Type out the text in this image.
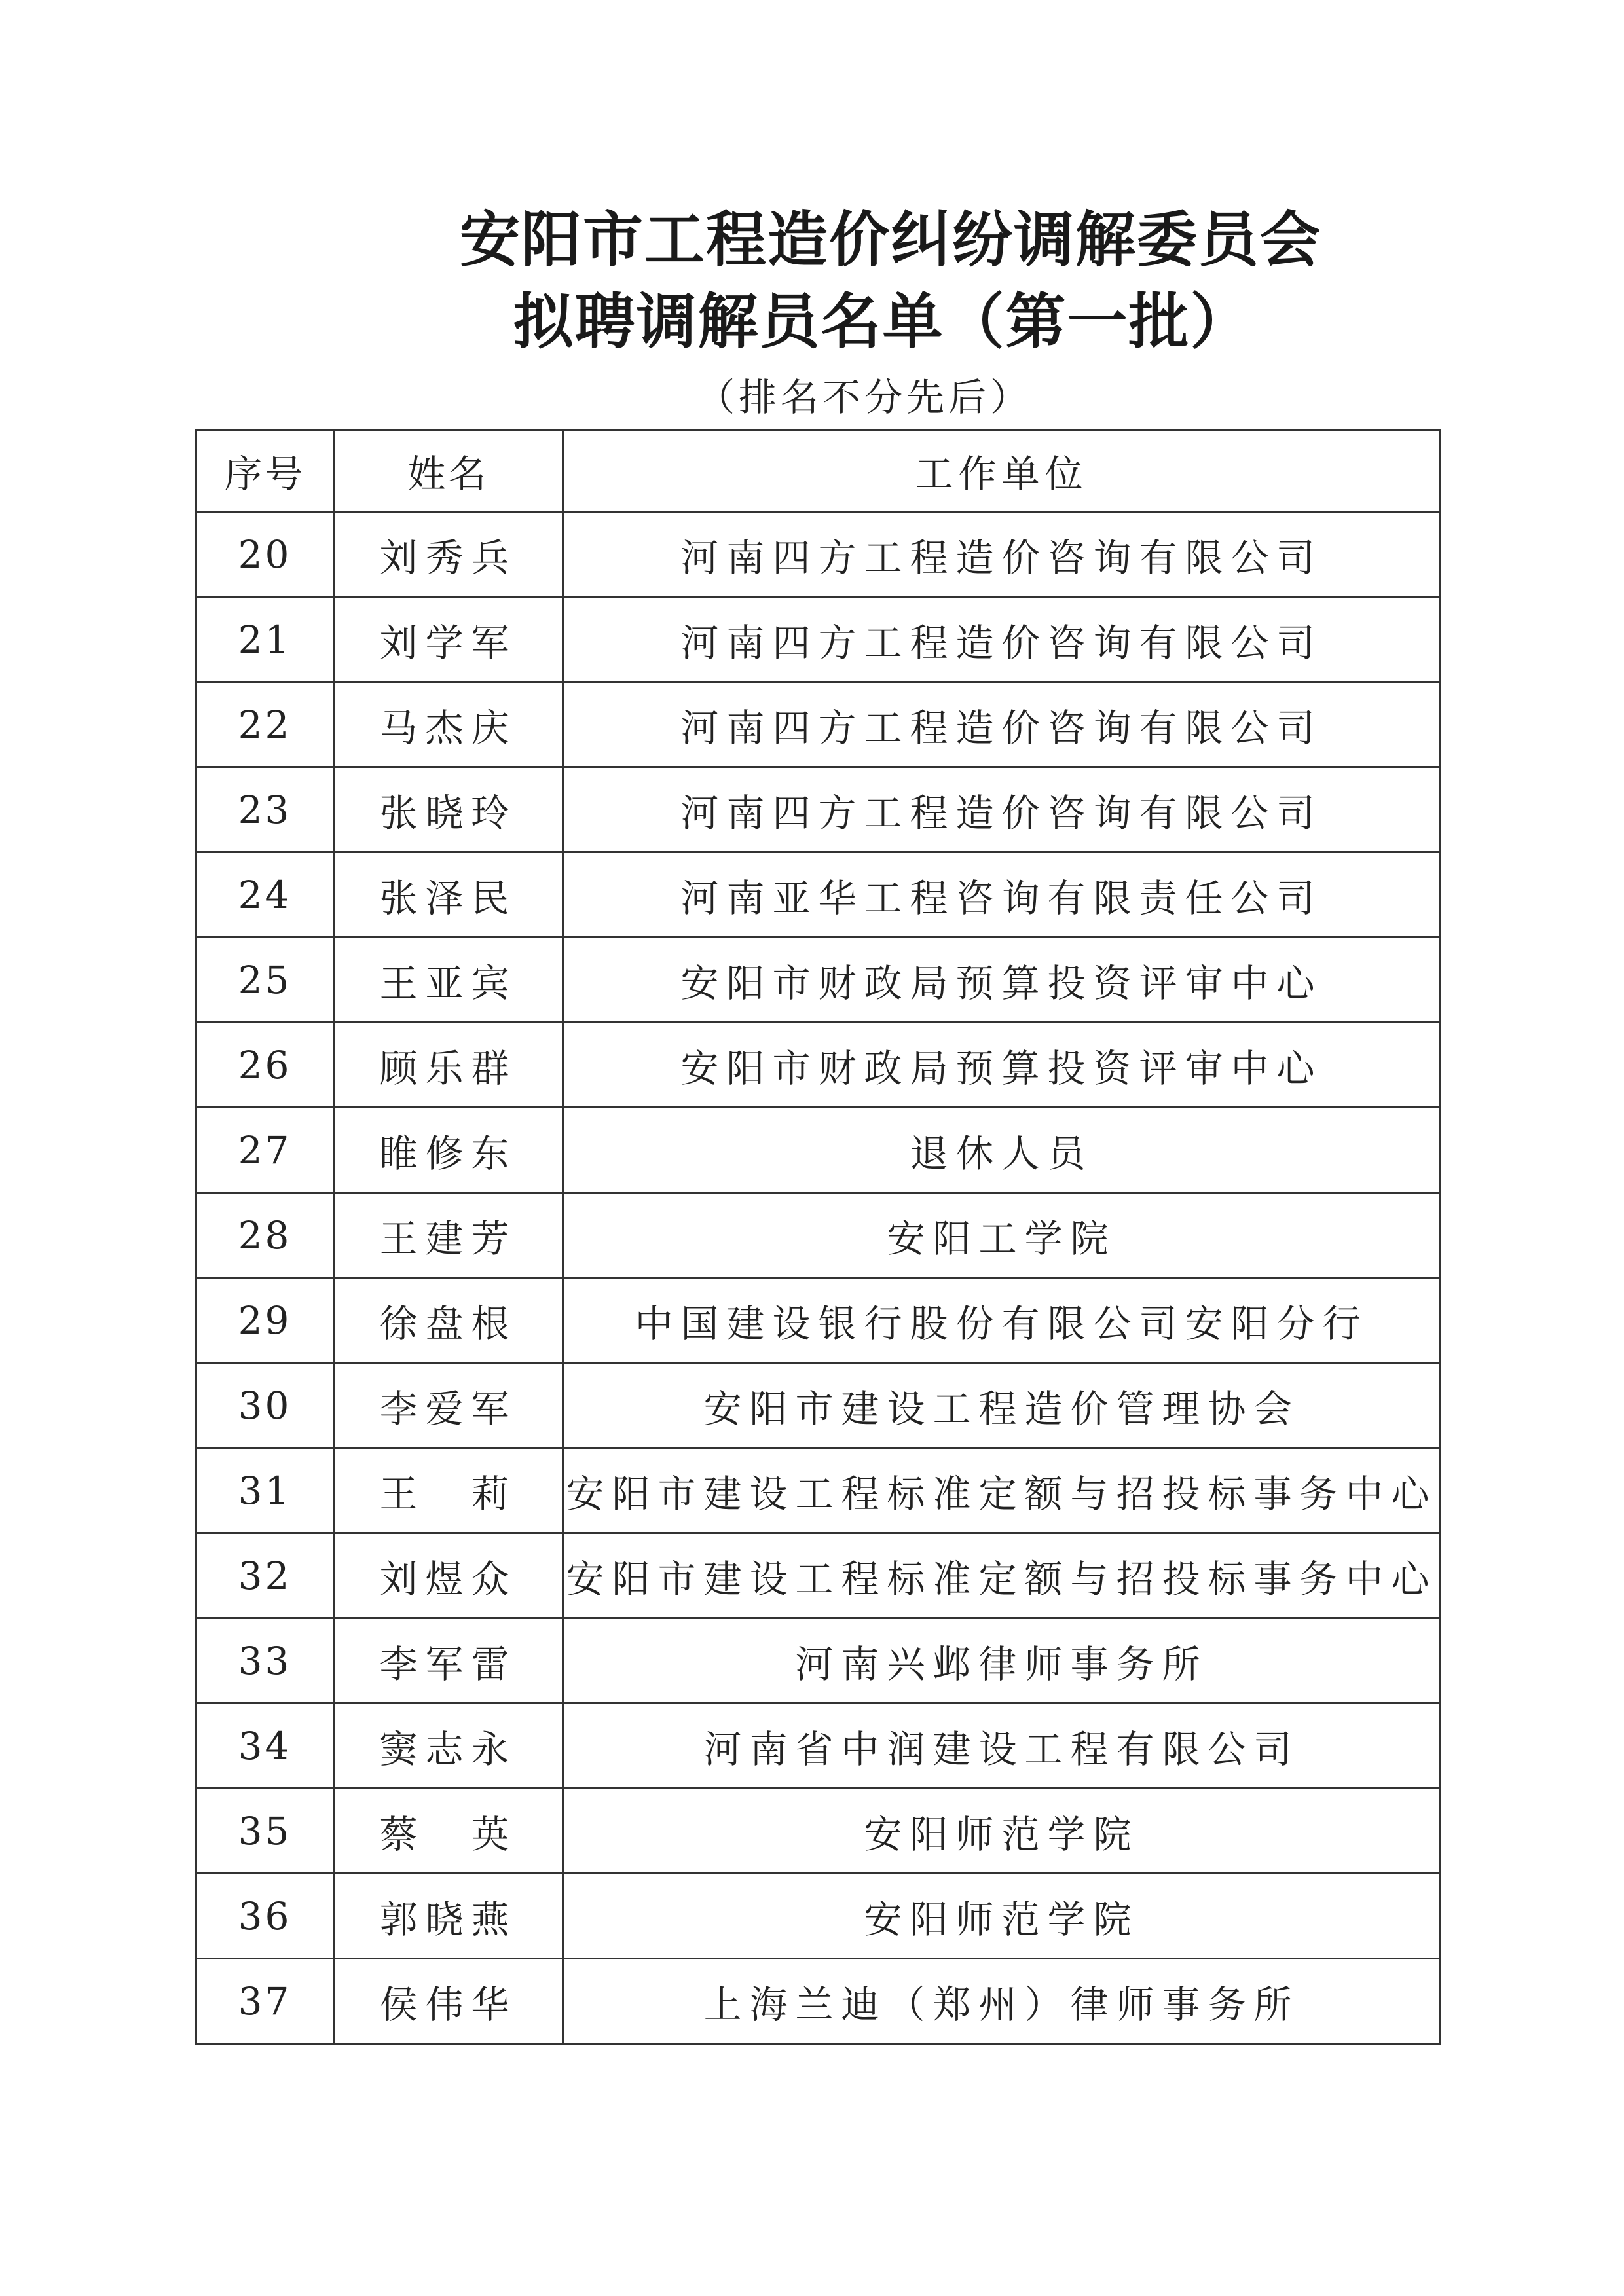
安阳市工程造价纠纷调解委员会
拟聘调解员名单（第一批）
（排名不分先后）
序号	姓名	工作单位
20	刘秀兵	河南四方工程造价咨询有限公司
21	刘学军	河南四方工程造价咨询有限公司
22	马杰庆	河南四方工程造价咨询有限公司
23	张晓玲	河南四方工程造价咨询有限公司
24	张泽民	河南亚华工程咨询有限责任公司
25	王亚宾	安阳市财政局预算投资评审中心
26	顾乐群	安阳市财政局预算投资评审中心
27	睢修东	退休人员
28	王建芳	安阳工学院
29	徐盘根	中国建设银行股份有限公司安阳分行
30	李爱军	安阳市建设工程造价管理协会
31	王　莉	安阳市建设工程标准定额与招投标事务中心
32	刘煜众	安阳市建设工程标准定额与招投标事务中心
33	李军雷	河南兴邺律师事务所
34	窦志永	河南省中润建设工程有限公司
35	蔡　英	安阳师范学院
36	郭晓燕	安阳师范学院
37	侯伟华	上海兰迪（郑州）律师事务所
